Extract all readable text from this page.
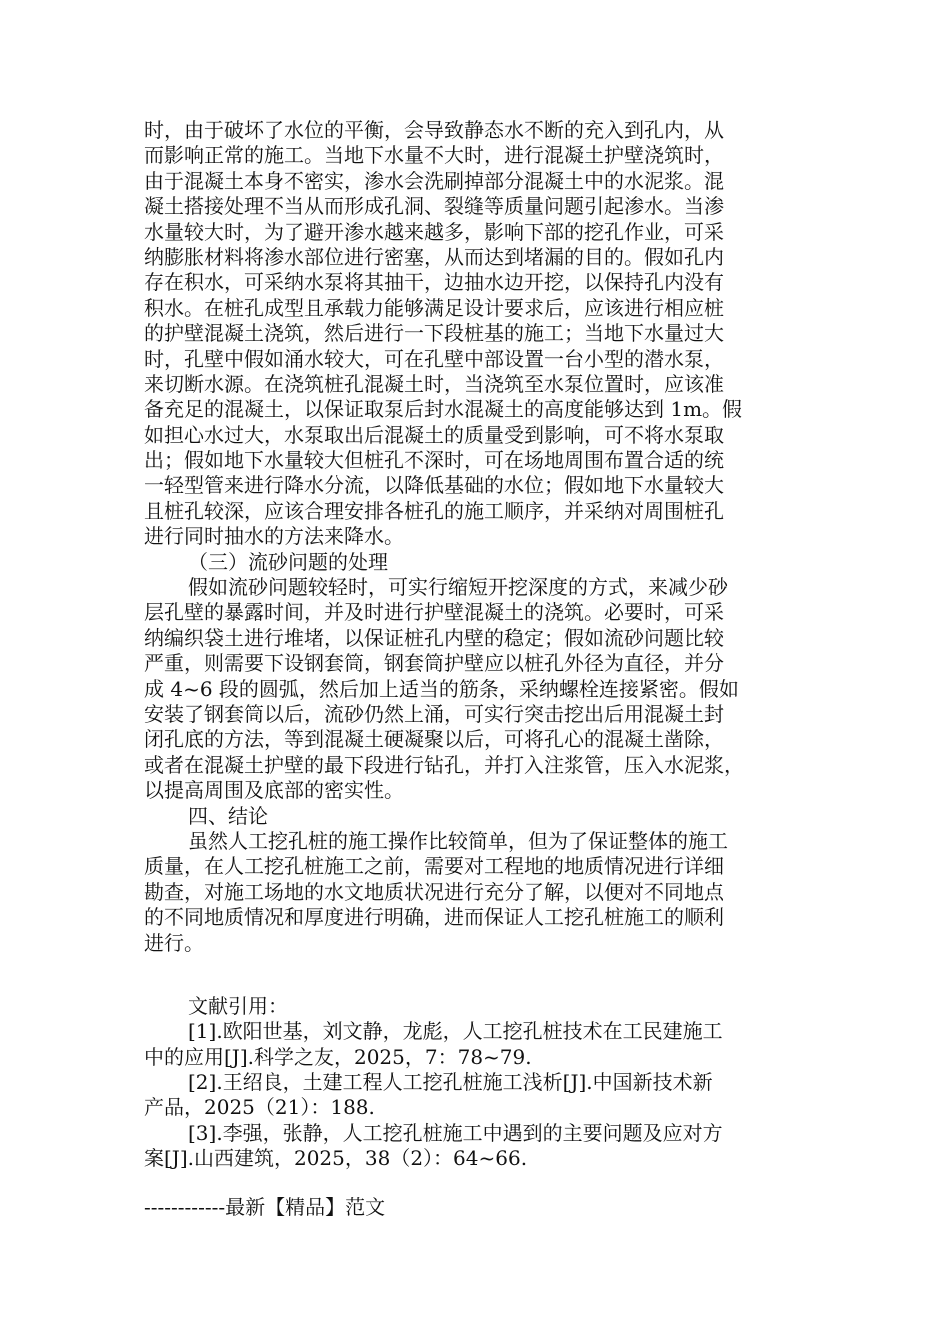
时，由于破坏了水位的平衡，会导致静态水不断的充入到孔内，从
而影响正常的施工。当地下水量不大时，进行混凝土护壁浇筑时，
由于混凝土本身不密实，渗水会洗刷掉部分混凝土中的水泥浆。混
凝土搭接处理不当从而形成孔洞、裂缝等质量问题引起渗水。当渗
水量较大时，为了避开渗水越来越多，影响下部的挖孔作业，可采
纳膨胀材料将渗水部位进行密塞，从而达到堵漏的目的。假如孔内
存在积水，可采纳水泵将其抽干，边抽水边开挖，以保持孔内没有
积水。在桩孔成型且承载力能够满足设计要求后，应该进行相应桩
的护壁混凝土浇筑，然后进行一下段桩基的施工；当地下水量过大
时，孔壁中假如涌水较大，可在孔壁中部设置一台小型的潜水泵，
来切断水源。在浇筑桩孔混凝土时，当浇筑至水泵位置时，应该准
备充足的混凝土，以保证取泵后封水混凝土的高度能够达到 1m。假
如担心水过大，水泵取出后混凝土的质量受到影响，可不将水泵取
出；假如地下水量较大但桩孔不深时，可在场地周围布置合适的统
一轻型管来进行降水分流，以降低基础的水位；假如地下水量较大
且桩孔较深，应该合理安排各桩孔的施工顺序，并采纳对周围桩孔
进行同时抽水的方法来降水。
（三）流砂问题的处理
假如流砂问题较轻时，可实行缩短开挖深度的方式，来减少砂
层孔壁的暴露时间，并及时进行护壁混凝土的浇筑。必要时，可采
纳编织袋土进行堆堵，以保证桩孔内壁的稳定；假如流砂问题比较
严重，则需要下设钢套筒，钢套筒护壁应以桩孔外径为直径，并分
成 4~6 段的圆弧，然后加上适当的筋条，采纳螺栓连接紧密。假如
安装了钢套筒以后，流砂仍然上涌，可实行突击挖出后用混凝土封
闭孔底的方法，等到混凝土硬凝聚以后，可将孔心的混凝土凿除，
或者在混凝土护壁的最下段进行钻孔，并打入注浆管，压入水泥浆，
以提高周围及底部的密实性。
四、结论
虽然人工挖孔桩的施工操作比较简单，但为了保证整体的施工
质量，在人工挖孔桩施工之前，需要对工程地的地质情况进行详细
勘查，对施工场地的水文地质状况进行充分了解，以便对不同地点
的不同地质情况和厚度进行明确，进而保证人工挖孔桩施工的顺利
进行。
文献引用：
[1].欧阳世基，刘文静，龙彪，人工挖孔桩技术在工民建施工
中的应用[J].科学之友，2025，7：78~79.
[2].王绍良，土建工程人工挖孔桩施工浅析[J].中国新技术新
产品，2025（21）：188.
[3].李强，张静，人工挖孔桩施工中遇到的主要问题及应对方
案[J].山西建筑，2025，38（2）：64~66.
------------最新【精品】范文
